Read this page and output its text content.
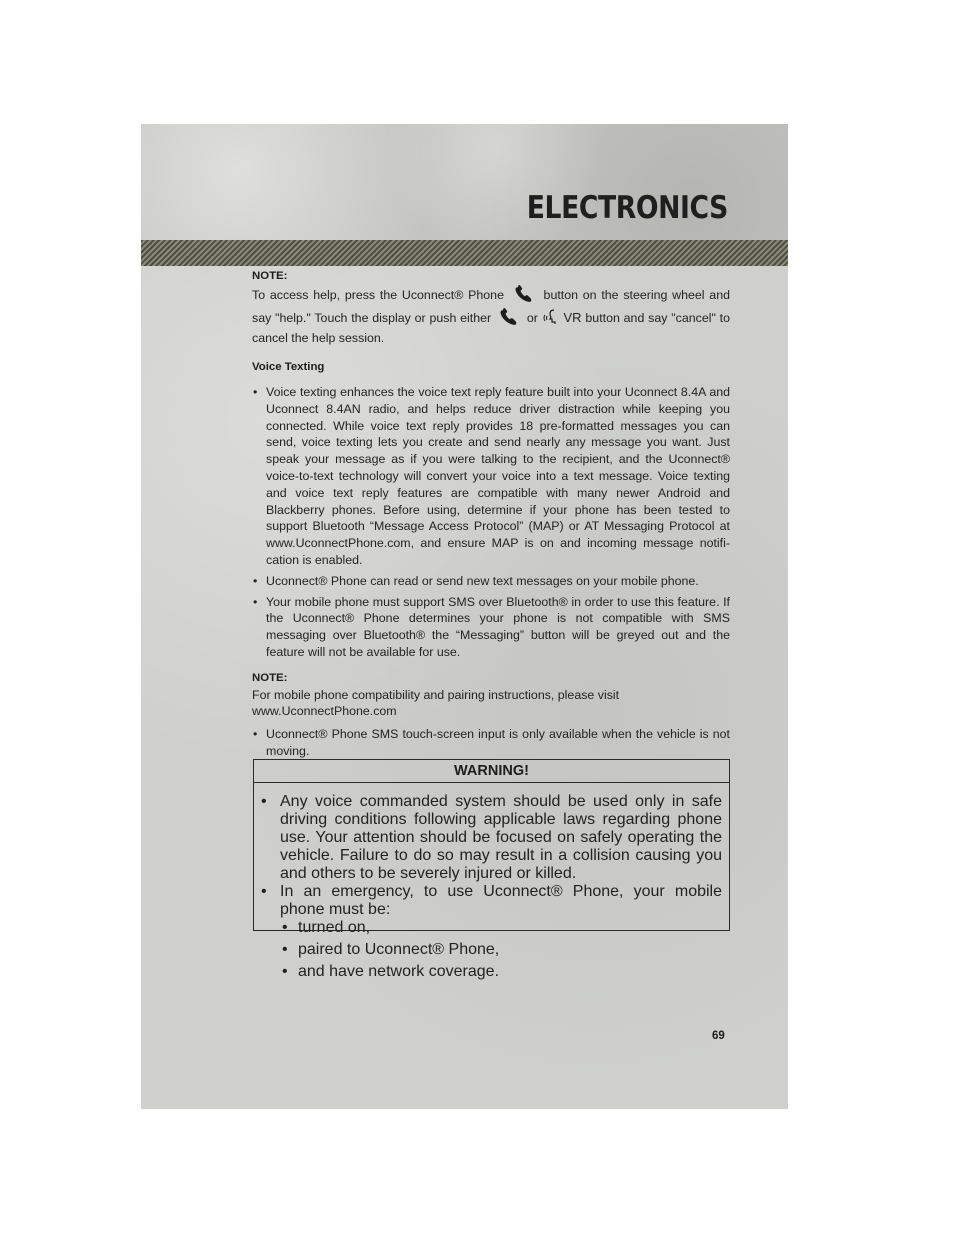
ELECTRONICS

NOTE:

To access help, press the Uconnect® Phone	button on the steering wheel and say "help." Touch the display or push either	or VR button and say "cancel" to cancel the help session.

Voice Texting
• Voice texting enhances the voice text reply feature built into your Uconnect 8.4A and Uconnect 8.4AN radio, and helps reduce driver distraction while keeping you connected. While voice text reply provides 18 pre-formatted messages you can send, voice texting lets you create and send nearly any message you want. Just speak your message as if you were talking to the recipient, and the Uconnect® voice-to-text technology will convert your voice into a text message. Voice texting and voice text reply features are compatible with many newer Android and Blackberry phones. Before using, determine if your phone has been tested to support Bluetooth “Message Access Protocol” (MAP) or AT Messaging Protocol at www.UconnectPhone.com, and ensure MAP is on and incoming message notifi-cation is enabled.
• Uconnect® Phone can read or send new text messages on your mobile phone.
• Your mobile phone must support SMS over Bluetooth® in order to use this feature. If the Uconnect® Phone determines your phone is not compatible with SMS messaging over Bluetooth® the “Messaging” button will be greyed out and the feature will not be available for use.

NOTE:

For mobile phone compatibility and pairing instructions, please visit

www.UconnectPhone.com

• Uconnect® Phone SMS touch-screen input is only available when the vehicle is not moving.
WARNING!
• Any voice commanded system should be used only in safe driving conditions following applicable laws regarding phone use. Your attention should be focused on safely operating the vehicle. Failure to do so may result in a collision causing you and others to be severely injured or killed.
• In an emergency, to use Uconnect® Phone, your mobile phone must be:
• turned on,
• paired to Uconnect® Phone,
• and have network coverage.
69
